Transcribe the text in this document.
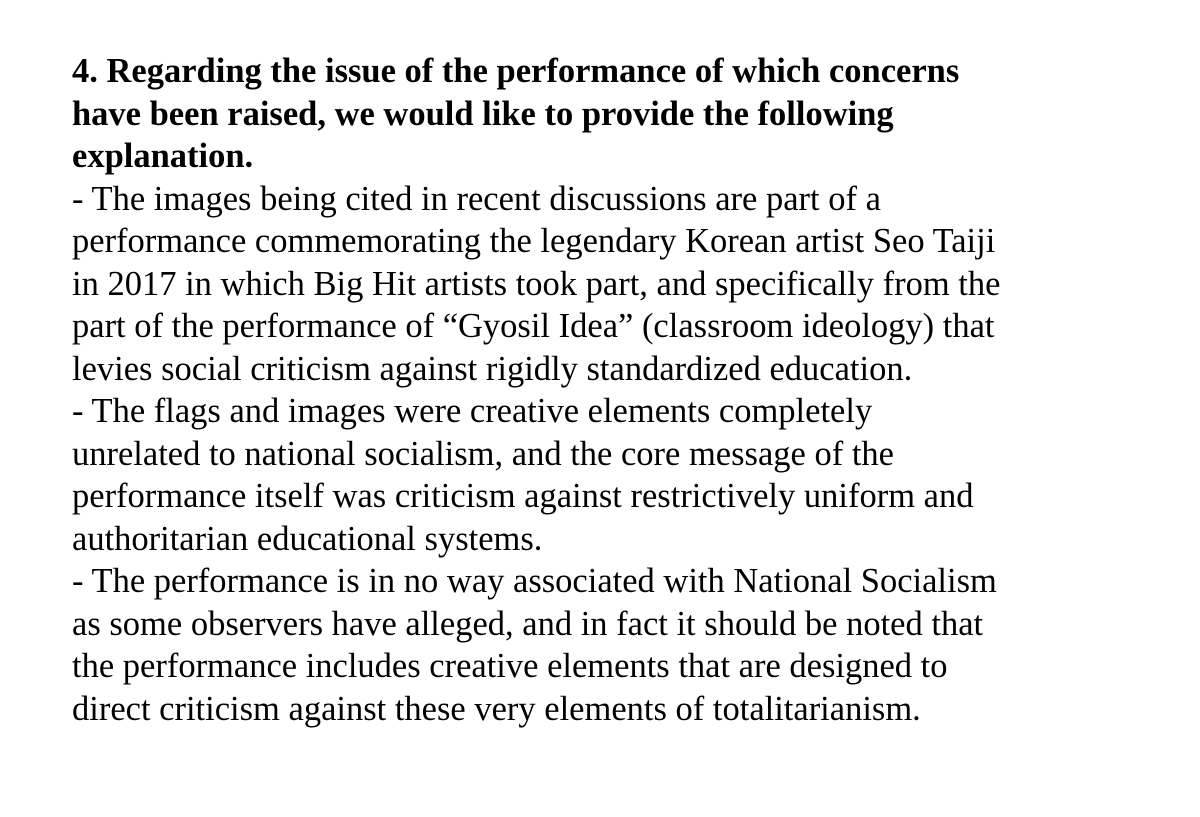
4. Regarding the issue of the performance of which concerns
have been raised, we would like to provide the following
explanation.

- The images being cited in recent discussions are part of a
performance commemorating the legendary Korean artist Seo Taiji
in 2017 in which Big Hit artists took part, and specifically from the
part of the performance of “Gyosil Idea” (classroom ideology) that
levies social criticism against rigidly standardized education.

- The flags and images were creative elements completely
unrelated to national socialism, and the core message of the
performance itself was criticism against restrictively uniform and
authoritarian educational systems.

- The performance is in no way associated with National Socialism
as some observers have alleged, and in fact it should be noted that
the performance includes creative elements that are designed to
direct criticism against these very elements of totalitarianism.
